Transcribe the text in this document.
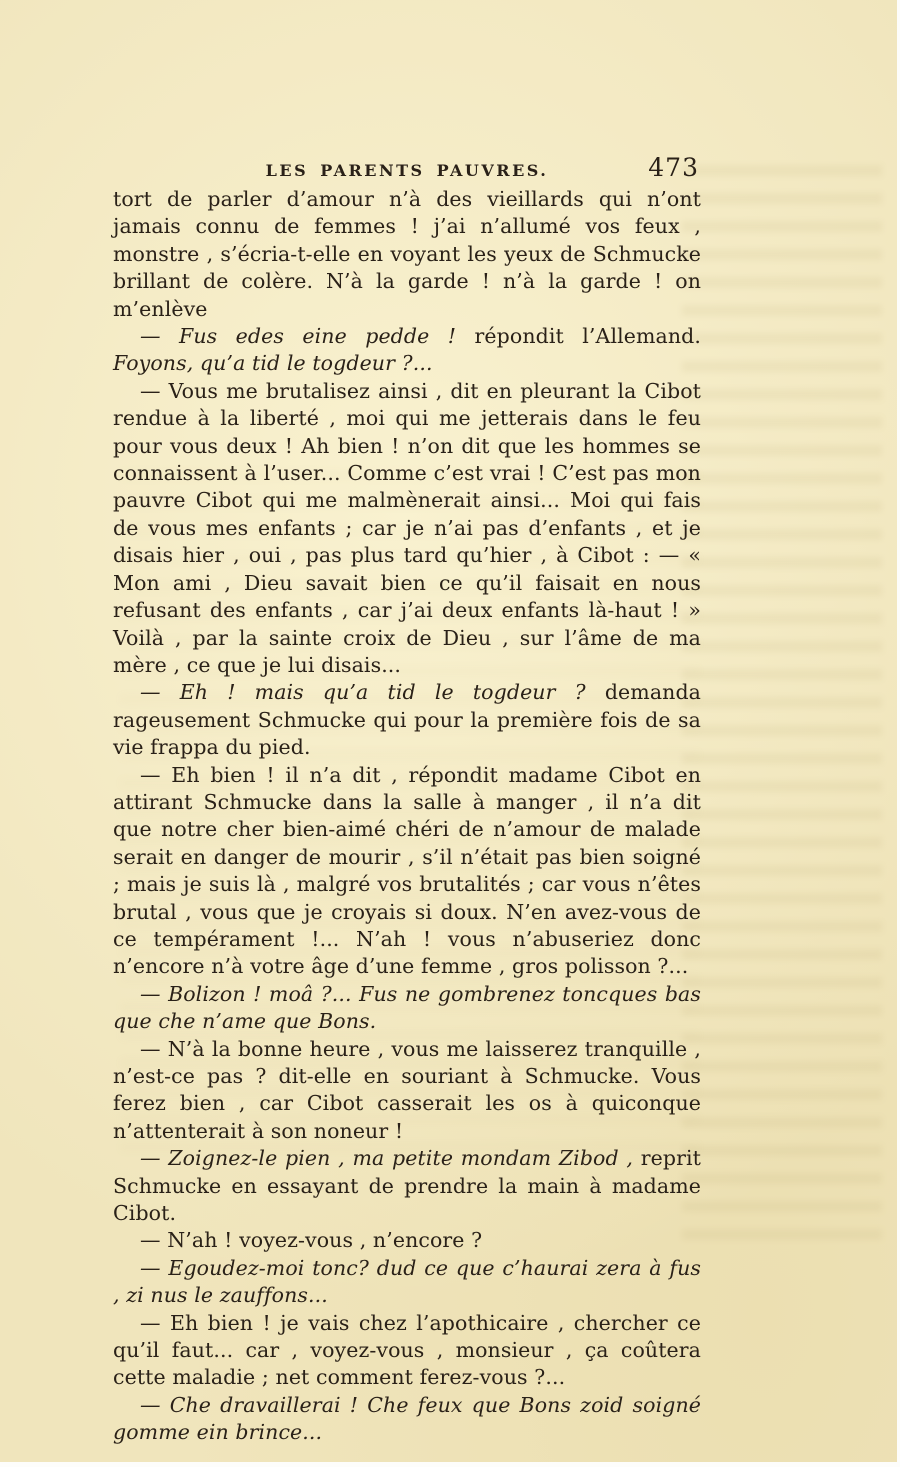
LES PARENTS PAUVRES.	473

tort de parler d’amour n’à des vieillards qui n’ont jamais connu de femmes ! j’ai n’allumé vos feux , monstre , s’écria-t-elle en voyant les yeux de Schmucke brillant de colère. N’à la garde ! n’à la garde ! on m’enlève

— Fus edes eine pedde ! répondit l’Allemand. Foyons, qu’a tid le togdeur ?...

— Vous me brutalisez ainsi , dit en pleurant la Cibot rendue à la liberté , moi qui me jetterais dans le feu pour vous deux ! Ah bien ! n’on dit que les hommes se connaissent à l’user... Comme c’est vrai ! C’est pas mon pauvre Cibot qui me malmènerait ainsi... Moi qui fais de vous mes enfants ; car je n’ai pas d’enfants , et je disais hier , oui , pas plus tard qu’hier , à Cibot : — « Mon ami , Dieu savait bien ce qu’il faisait en nous refusant des enfants , car j’ai deux enfants là-haut ! » Voilà , par la sainte croix de Dieu , sur l’âme de ma mère , ce que je lui disais...

— Eh ! mais qu’a tid le togdeur ? demanda rageusement Schmucke qui pour la première fois de sa vie frappa du pied.

— Eh bien ! il n’a dit , répondit madame Cibot en attirant Schmucke dans la salle à manger , il n’a dit que notre cher bien-aimé chéri de n’amour de malade serait en danger de mourir , s’il n’était pas bien soigné ; mais je suis là , malgré vos brutalités ; car vous n’êtes brutal , vous que je croyais si doux. N’en avez-vous de ce tempérament !... N’ah ! vous n’abuseriez donc n’encore n’à votre âge d’une femme , gros polisson ?...

— Bolizon ! moâ ?... Fus ne gombrenez toncques bas que che n’ame que Bons.

— N’à la bonne heure , vous me laisserez tranquille , n’est-ce pas ? dit-elle en souriant à Schmucke. Vous ferez bien , car Cibot casserait les os à quiconque n’attenterait à son noneur !

— Zoignez-le pien , ma petite mondam Zibod , reprit Schmucke en essayant de prendre la main à madame Cibot.

— N’ah ! voyez-vous , n’encore ?

— Egoudez-moi tonc? dud ce que c’haurai zera à fus , zi nus le zauffons...

— Eh bien ! je vais chez l’apothicaire , chercher ce qu’il faut... car , voyez-vous , monsieur , ça coûtera cette maladie ; net comment ferez-vous ?...

— Che dravaillerai ! Che feux que Bons zoid soigné gomme ein brince...
